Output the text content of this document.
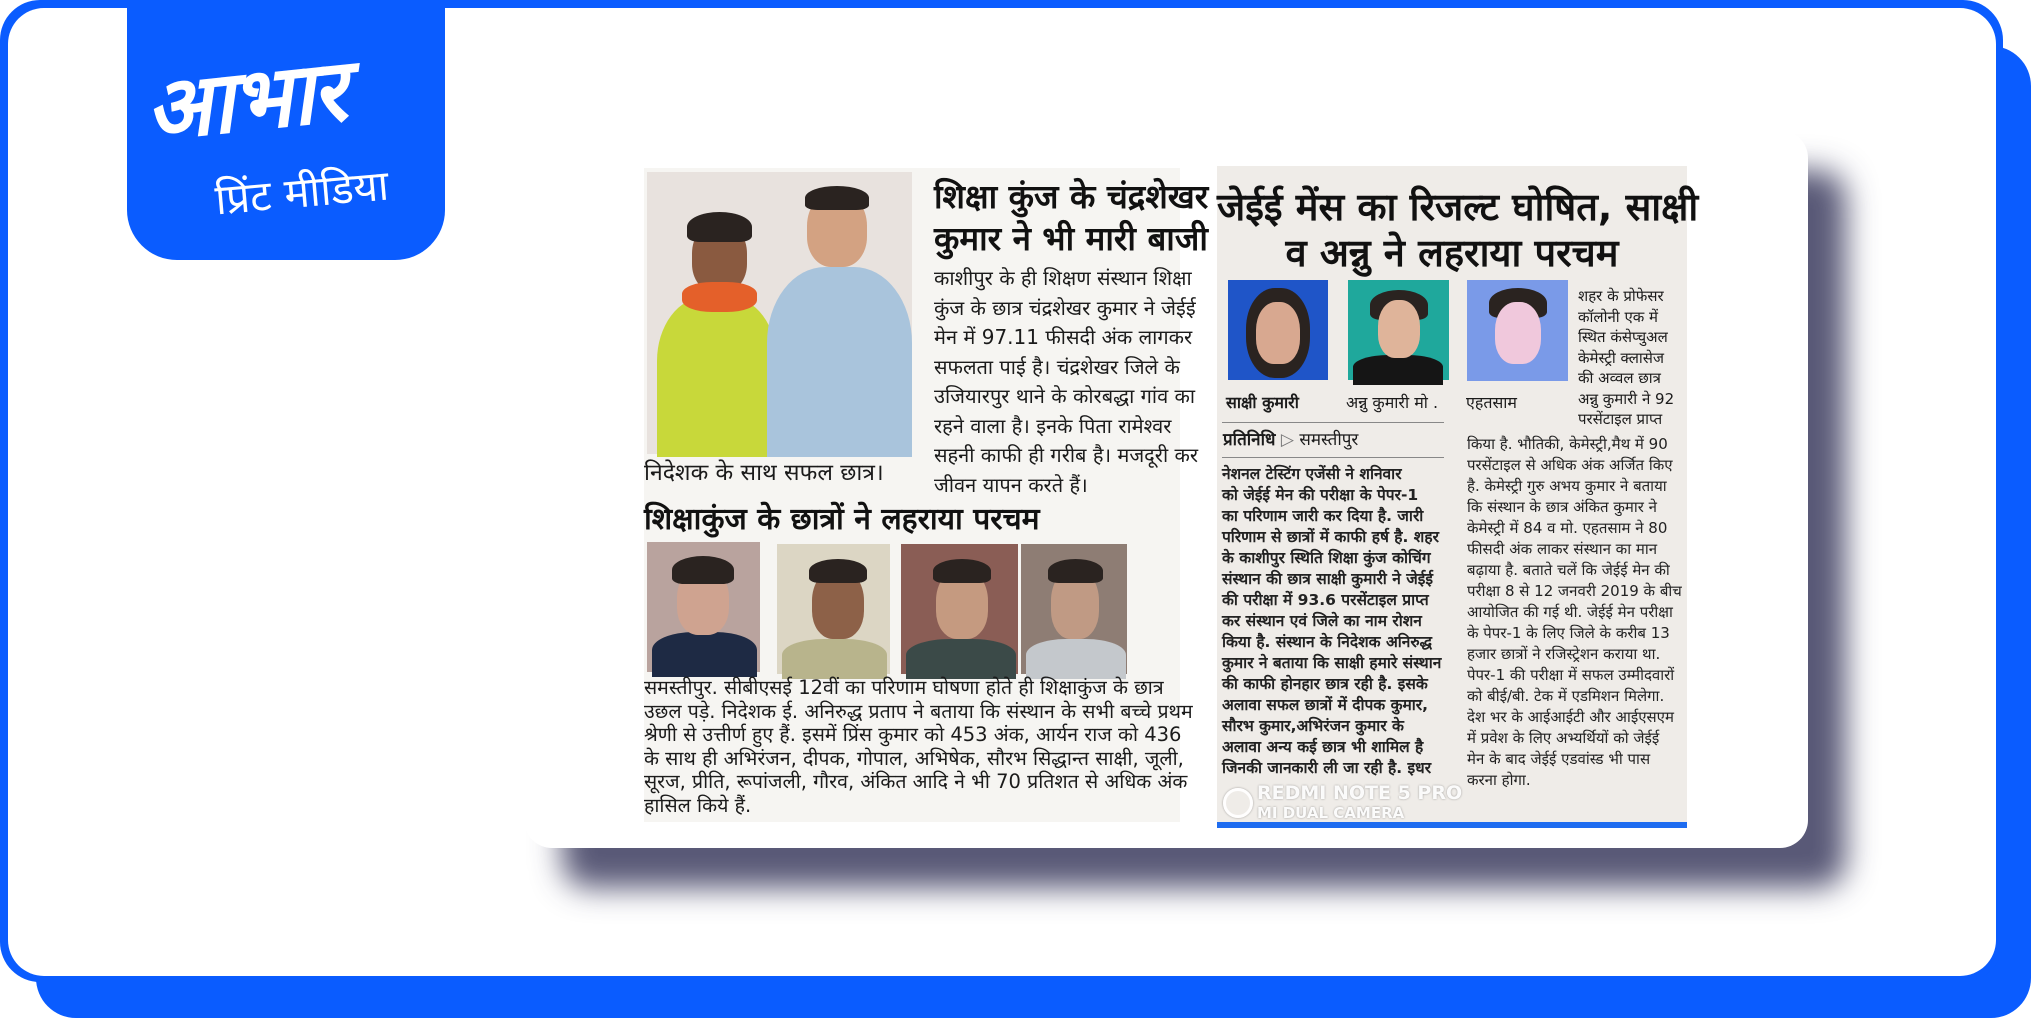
आभार
प्रिंट मीडिया
निदेशक के साथ सफल छात्र।
शिक्षा कुंज के चंद्रशेखर
कुमार ने भी मारी बाजी
काशीपुर के ही शिक्षण संस्थान शिक्षा
कुंज के छात्र चंद्रशेखर कुमार ने जेईई
मेन में 97.11 फीसदी अंक लागकर
सफलता पाई है। चंद्रशेखर जिले के
उजियारपुर थाने के कोरबद्धा गांव का
रहने वाला है। इनके पिता रामेश्वर
सहनी काफी ही गरीब है। मजदूरी कर
जीवन यापन करते हैं।
शिक्षाकुंज के छात्रों ने लहराया परचम
समस्तीपुर. सीबीएसई 12वीं का परिणाम घोषणा होते ही शिक्षाकुंज के छात्र
उछल पड़े. निदेशक ई. अनिरुद्ध प्रताप ने बताया कि संस्थान के सभी बच्चे प्रथम
श्रेणी से उत्तीर्ण हुए हैं. इसमें प्रिंस कुमार को 453 अंक, आर्यन राज को 436
के साथ ही अभिरंजन, दीपक, गोपाल, अभिषेक, सौरभ सिद्धान्त साक्षी, जूली,
सूरज, प्रीति, रूपांजली, गौरव, अंकित आदि ने भी 70 प्रतिशत से अधिक अंक
हासिल किये हैं.
जेईई मेंस का रिजल्ट घोषित, साक्षी
व अन्नु ने लहराया परचम
साक्षी कुमारी	अन्नु कुमारी मो . एहतसाम
प्रतिनिधि ▷ समस्तीपुर
शहर के प्रोफेसर
कॉलोनी एक में
स्थित कंसेप्चुअल
केमेस्ट्री क्लासेज
की अव्वल छात्र
अन्नु कुमारी ने 92
परसेंटाइल प्राप्त
नेशनल टेस्टिंग एजेंसी ने शनिवार
को जेईई मेन की परीक्षा के पेपर-1
का परिणाम जारी कर दिया है. जारी
परिणाम से छात्रों में काफी हर्ष है. शहर
के काशीपुर स्थिति शिक्षा कुंज कोचिंग
संस्थान की छात्र साक्षी कुमारी ने जेईई
की परीक्षा में 93.6 परसेंटाइल प्राप्त
कर संस्थान एवं जिले का नाम रोशन
किया है. संस्थान के निदेशक अनिरुद्ध
कुमार ने बताया कि साक्षी हमारे संस्थान
की काफी होनहार छात्र रही है. इसके
अलावा सफल छात्रों में दीपक कुमार,
सौरभ कुमार,अभिरंजन कुमार के
अलावा अन्य कई छात्र भी शामिल है
जिनकी जानकारी ली जा रही है. इधर
किया है. भौतिकी, केमेस्ट्री,मैथ में 90
परसेंटाइल से अधिक अंक अर्जित किए
है. केमेस्ट्री गुरु अभय कुमार ने बताया
कि संस्थान के छात्र अंकित कुमार ने
केमेस्ट्री में 84 व मो. एहतसाम ने 80
फीसदी अंक लाकर संस्थान का मान
बढ़ाया है. बताते चलें कि जेईई मेन की
परीक्षा 8 से 12 जनवरी 2019 के बीच
आयोजित की गई थी. जेईई मेन परीक्षा
के पेपर-1 के लिए जिले के करीब 13
हजार छात्रों ने रजिस्ट्रेशन कराया था.
पेपर-1 की परीक्षा में सफल उम्मीदवारों
को बीई/बी. टेक में एडमिशन मिलेगा.
देश भर के आईआईटी और आईएसएम
में प्रवेश के लिए अभ्यर्थियों को जेईई
मेन के बाद जेईई एडवांस्ड भी पास
करना होगा.
REDMI NOTE 5 PRO
MI DUAL CAMERA
